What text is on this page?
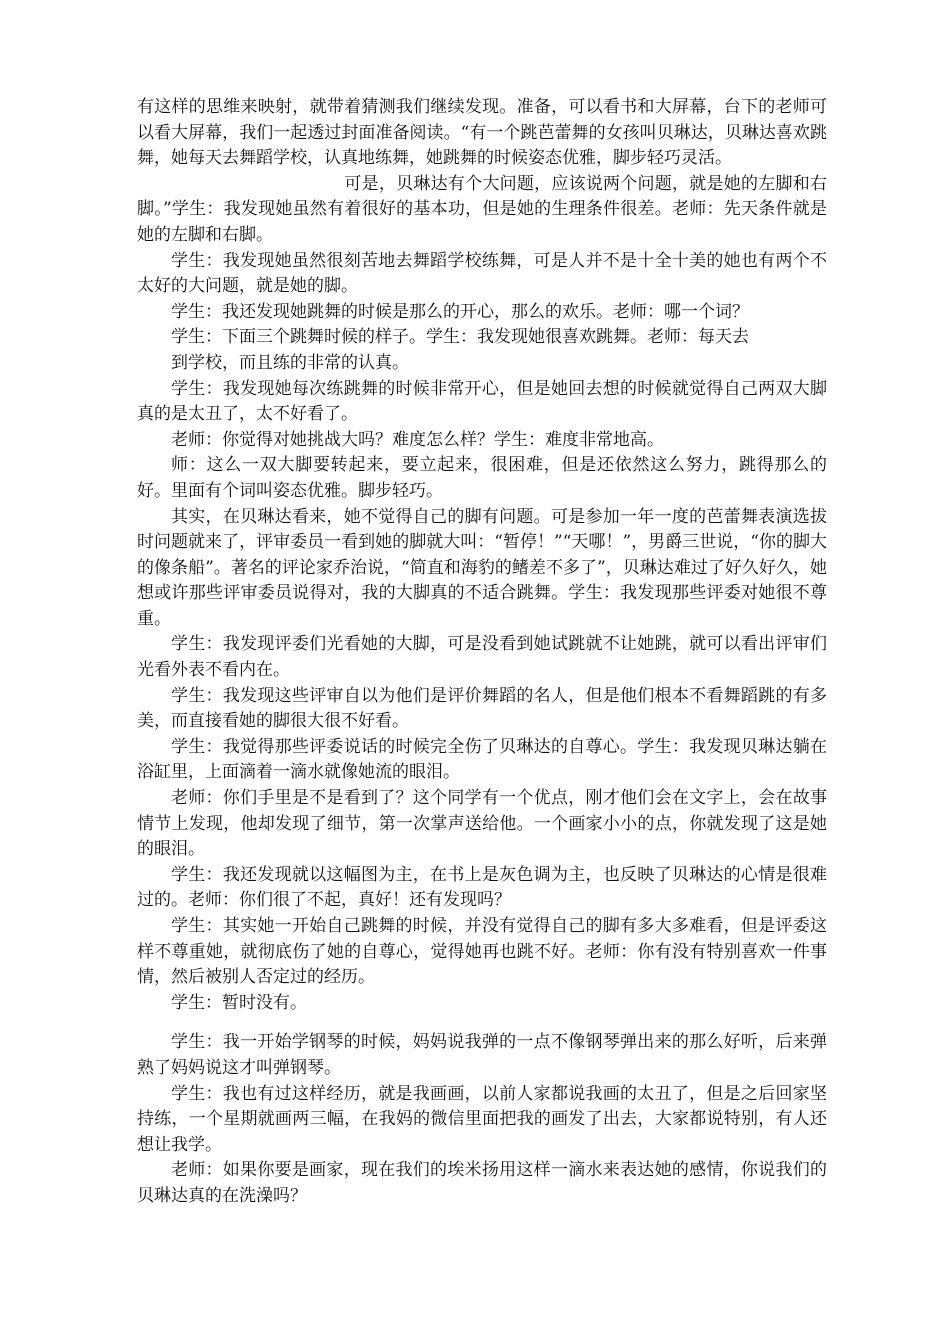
有这样的思维来映射，就带着猜测我们继续发现。准备，可以看书和大屏幕，台下的老师可以看大屏幕，我们一起透过封面准备阅读。“有一个跳芭蕾舞的女孩叫贝琳达，贝琳达喜欢跳舞，她每天去舞蹈学校，认真地练舞，她跳舞的时候姿态优雅，脚步轻巧灵活。

可是，贝琳达有个大问题，应该说两个问题，就是她的左脚和右脚。”学生：我发现她虽然有着很好的基本功，但是她的生理条件很差。老师：先天条件就是她的左脚和右脚。

学生：我发现她虽然很刻苦地去舞蹈学校练舞，可是人并不是十全十美的她也有两个不太好的大问题，就是她的脚。

学生：我还发现她跳舞的时候是那么的开心，那么的欢乐。老师：哪一个词？

学生：下面三个跳舞时候的样子。学生：我发现她很喜欢跳舞。老师：每天去

到学校，而且练的非常的认真。

学生：我发现她每次练跳舞的时候非常开心，但是她回去想的时候就觉得自己两双大脚真的是太丑了，太不好看了。

老师：你觉得对她挑战大吗？难度怎么样？学生：难度非常地高。

师：这么一双大脚要转起来，要立起来，很困难，但是还依然这么努力，跳得那么的好。里面有个词叫姿态优雅。脚步轻巧。

其实，在贝琳达看来，她不觉得自己的脚有问题。可是参加一年一度的芭蕾舞表演选拔时问题就来了，评审委员一看到她的脚就大叫：“暂停！”“天哪！”，男爵三世说，“你的脚大的像条船”。著名的评论家乔治说，“简直和海豹的鳍差不多了”，贝琳达难过了好久好久，她想或许那些评审委员说得对，我的大脚真的不适合跳舞。学生：我发现那些评委对她很不尊重。

学生：我发现评委们光看她的大脚，可是没看到她试跳就不让她跳，就可以看出评审们光看外表不看内在。

学生：我发现这些评审自以为他们是评价舞蹈的名人，但是他们根本不看舞蹈跳的有多美，而直接看她的脚很大很不好看。

学生：我觉得那些评委说话的时候完全伤了贝琳达的自尊心。学生：我发现贝琳达躺在浴缸里，上面滴着一滴水就像她流的眼泪。

老师：你们手里是不是看到了？这个同学有一个优点，刚才他们会在文字上，会在故事情节上发现，他却发现了细节，第一次掌声送给他。一个画家小小的点，你就发现了这是她的眼泪。

学生：我还发现就以这幅图为主，在书上是灰色调为主，也反映了贝琳达的心情是很难过的。老师：你们很了不起，真好！还有发现吗？

学生：其实她一开始自己跳舞的时候，并没有觉得自己的脚有多大多难看，但是评委这样不尊重她，就彻底伤了她的自尊心，觉得她再也跳不好。老师：你有没有特别喜欢一件事情，然后被别人否定过的经历。

学生：暂时没有。

学生：我一开始学钢琴的时候，妈妈说我弹的一点不像钢琴弹出来的那么好听，后来弹熟了妈妈说这才叫弹钢琴。

学生：我也有过这样经历，就是我画画，以前人家都说我画的太丑了，但是之后回家坚持练，一个星期就画两三幅，在我妈的微信里面把我的画发了出去，大家都说特别，有人还想让我学。

老师：如果你要是画家，现在我们的埃米扬用这样一滴水来表达她的感情，你说我们的贝琳达真的在洗澡吗？
